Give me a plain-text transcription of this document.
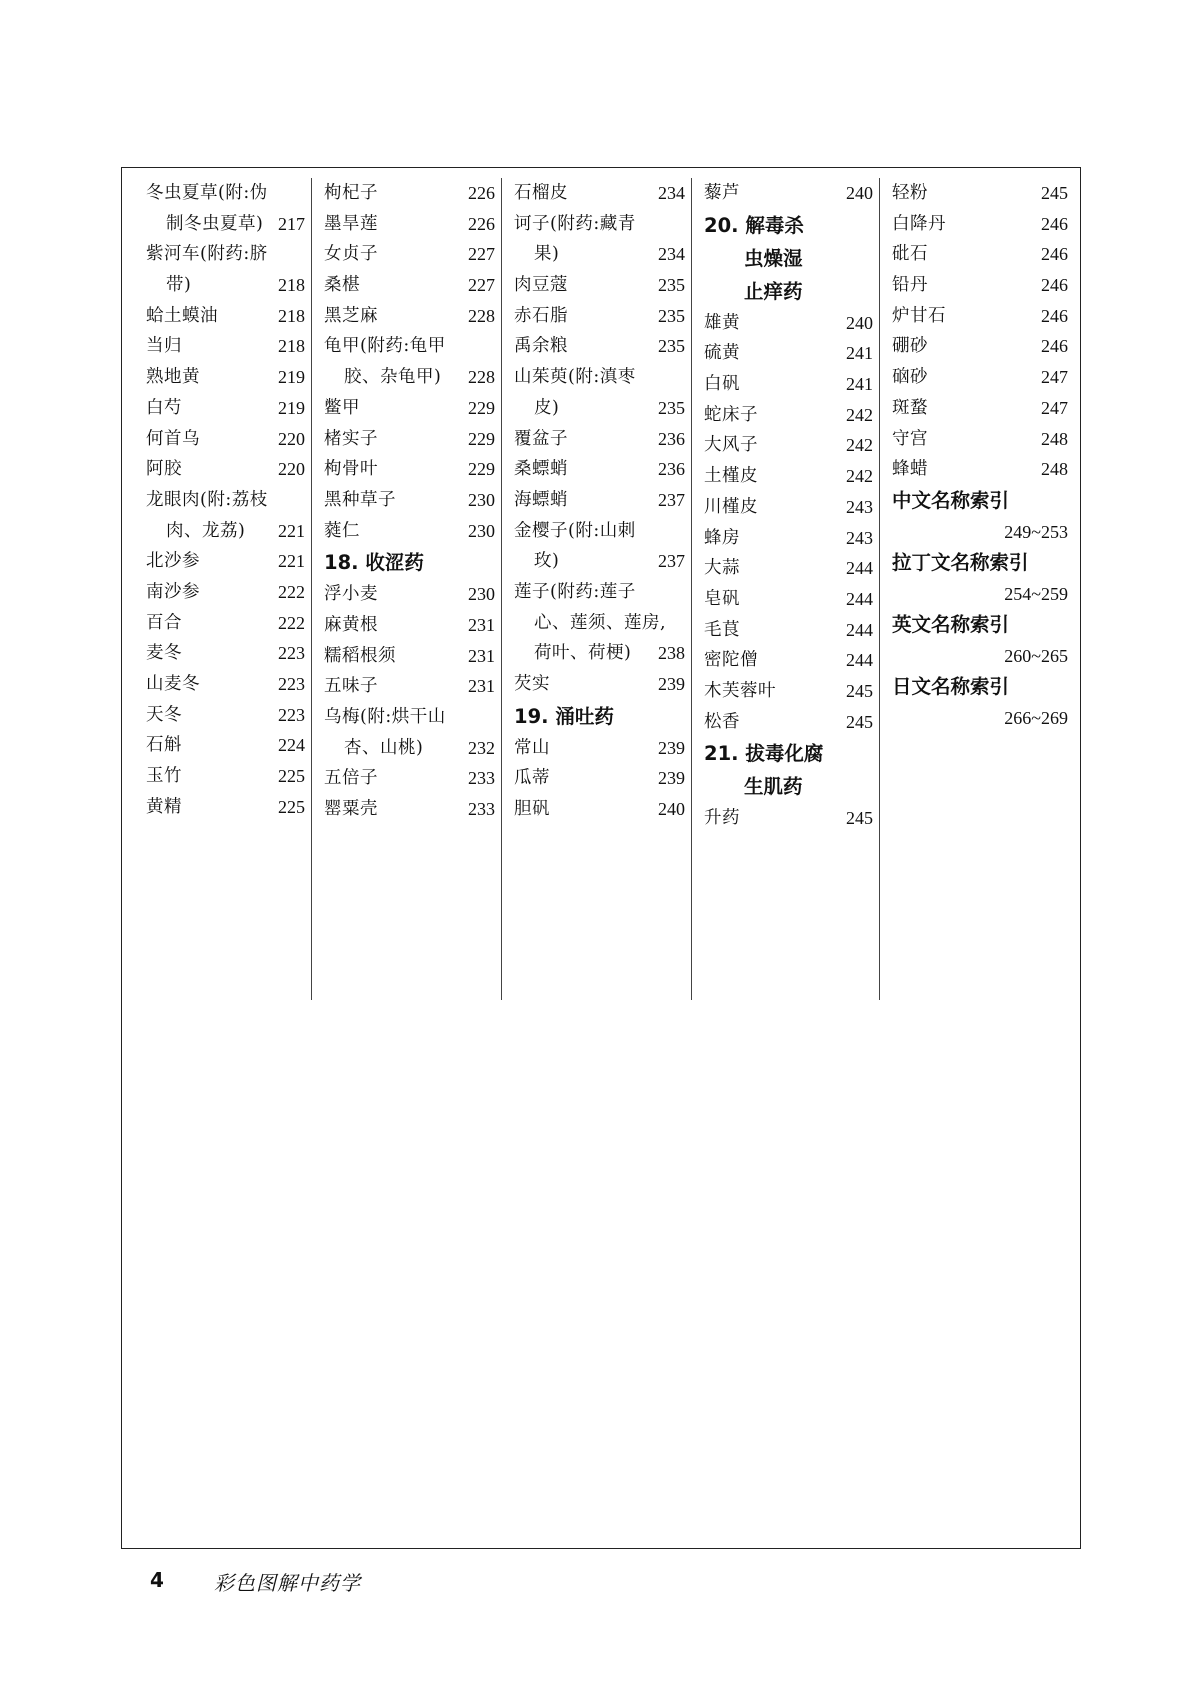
冬虫夏草(附:伪
制冬虫夏草) 217
紫河车(附药:脐
带)	218
蛤土蟆油	218
当归	218
熟地黄	219
白芍	219
何首乌	220
阿胶	220
龙眼肉(附:荔枝
肉、龙荔) 221
北沙参	221
南沙参	222
百合	222
麦冬	223
山麦冬	223
天冬	223
石斛	224
玉竹	225
黄精	225
枸杞子	226
墨旱莲	226
女贞子	227
桑椹	227
黑芝麻	228
龟甲(附药:龟甲
胶、杂龟甲) 228
鳖甲	229
楮实子	229
枸骨叶	229
黑种草子	230
蕤仁	230
18. 收涩药
浮小麦	230
麻黄根	231
糯稻根须	231
五味子	231
乌梅(附:烘干山
杏、山桃) 232
五倍子	233
罂粟壳	233
石榴皮	234
诃子(附药:藏青
果)	234
肉豆蔻	235
赤石脂	235
禹余粮	235
山茱萸(附:滇枣
皮)	235
覆盆子	236
桑螵蛸	236
海螵蛸	237
金樱子(附:山刺
玫)	237
莲子(附药:莲子
心、莲须、莲房,
荷叶、荷梗) 238
芡实	239
19. 涌吐药
常山	239
瓜蒂	239
胆矾	240
藜芦	240
20. 解毒杀
虫燥湿
止痒药
雄黄	240
硫黄	241
白矾	241
蛇床子	242
大风子	242
土槿皮	242
川槿皮	243
蜂房	243
大蒜	244
皂矾	244
毛茛	244
密陀僧	244
木芙蓉叶	245
松香	245
21. 拔毒化腐
生肌药
升药	245
轻粉	245
白降丹	246
砒石	246
铅丹	246
炉甘石	246
硼砂	246
硇砂	247
斑蝥	247
守宫	248
蜂蜡	248
中文名称索引
249~253
拉丁文名称索引
254~259
英文名称索引
260~265
日文名称索引
266~269
4	彩色图解中药学
